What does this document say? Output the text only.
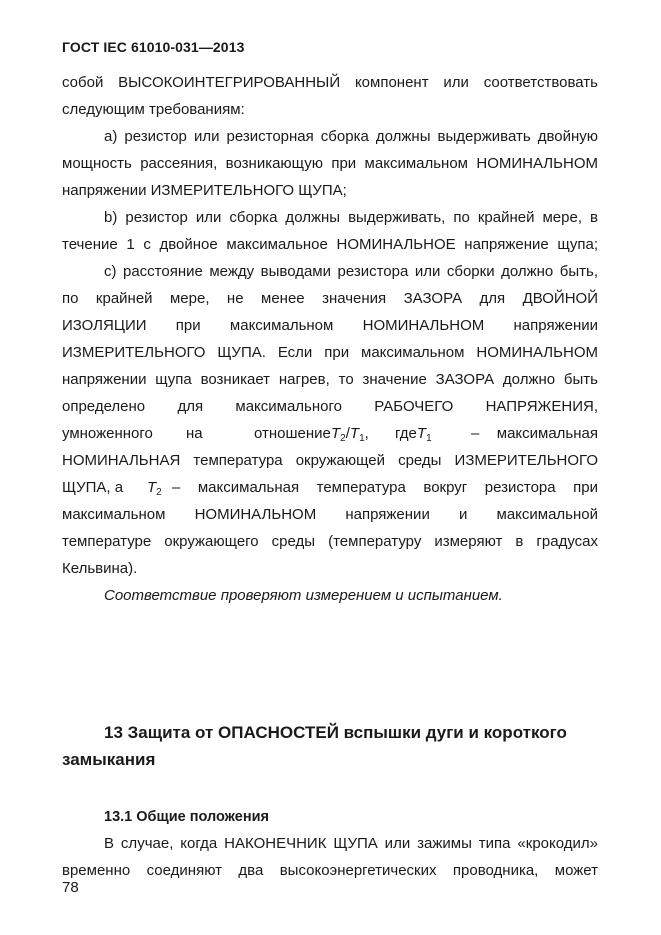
ГОСТ IEC 61010-031—2013
собой ВЫСОКОИНТЕГРИРОВАННЫЙ компонент или соответствовать
следующим требованиям:
а) резистор или резисторная сборка должны выдерживать двойную
мощность рассеяния, возникающую при максимальном НОМИНАЛЬНОМ
напряжении ИЗМЕРИТЕЛЬНОГО ЩУПА;
b) резистор или сборка должны выдерживать, по крайней мере, в
течение 1 с двойное максимальное НОМИНАЛЬНОЕ напряжение щупа;
с) расстояние между выводами резистора или сборки должно быть,
по крайней мере, не менее значения ЗАЗОРА для ДВОЙНОЙ
ИЗОЛЯЦИИ при максимальном НОМИНАЛЬНОМ напряжении
ИЗМЕРИТЕЛЬНОГО ЩУПА. Если при максимальном НОМИНАЛЬНОМ
напряжении щупа возникает нагрев, то значение ЗАЗОРА должно быть
определено для максимального РАБОЧЕГО НАПРЯЖЕНИЯ,
умноженного на	отношение $T_2/T_1$, гдеT$_1$	– максимальная
НОМИНАЛЬНАЯ температура окружающей среды ИЗМЕРИТЕЛЬНОГО
ЩУПА, а $T_2$ – максимальная температура вокруг резистора при
максимальном НОМИНАЛЬНОМ напряжении и максимальной
температуре окружающего среды (температуру измеряют в градусах
Кельвина).
Соответствие проверяют измерением и испытанием.
13 Защита от ОПАСНОСТЕЙ вспышки дуги и короткого
замыкания
13.1 Общие положения
В случае, когда НАКОНЕЧНИК ЩУПА или зажимы типа «крокодил»
временно соединяют два высокоэнергетических проводника, может
78
